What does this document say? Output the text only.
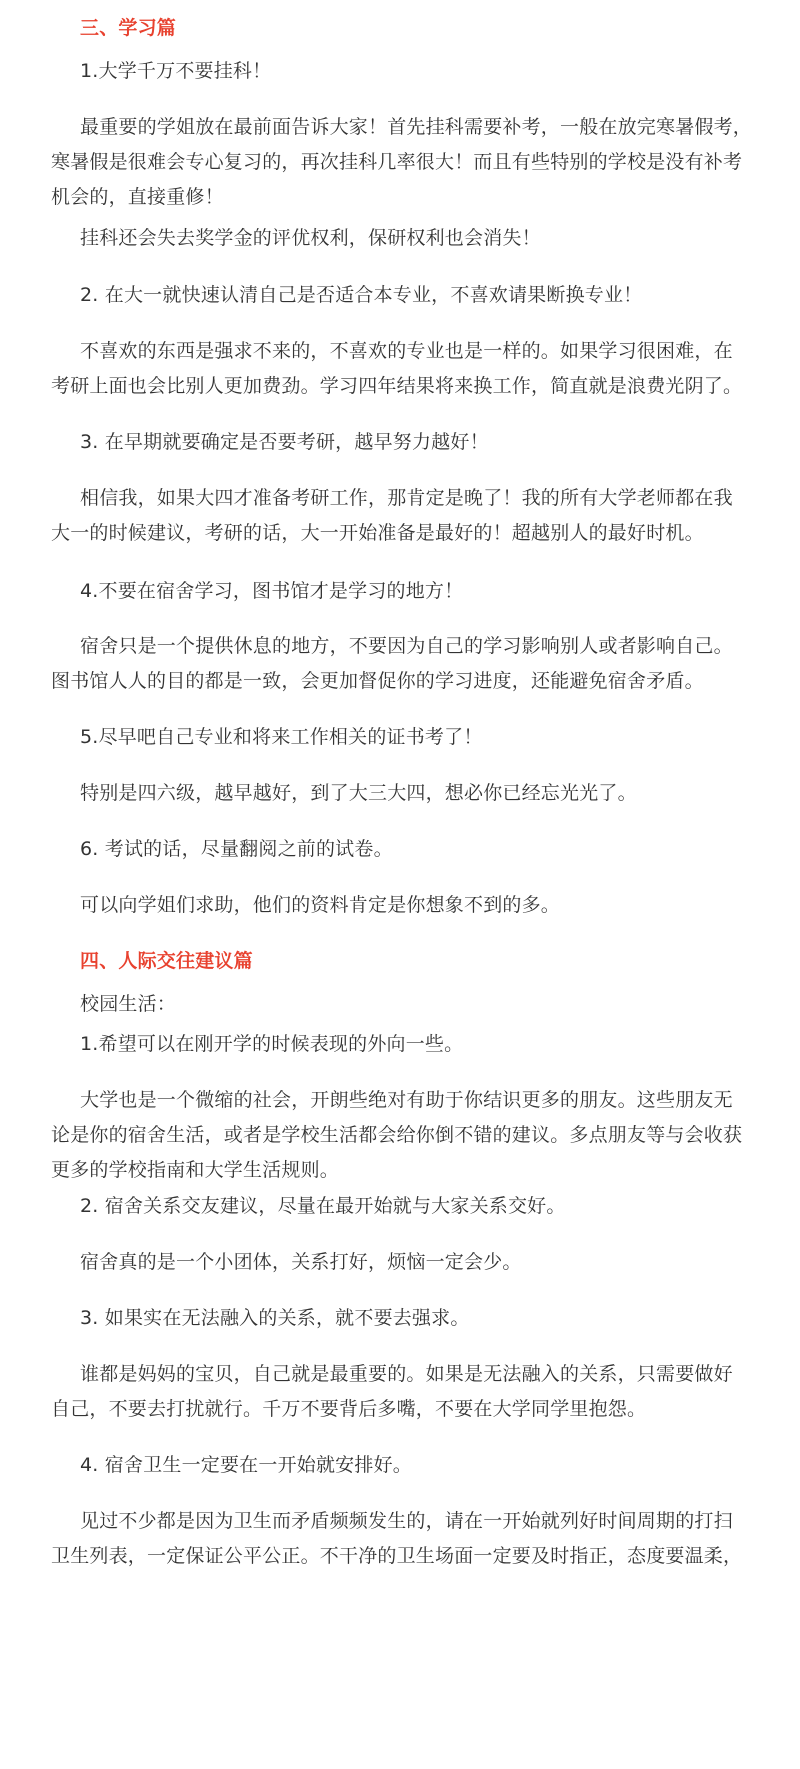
三、学习篇
1.大学千万不要挂科！
最重要的学姐放在最前面告诉大家！首先挂科需要补考，一般在放完寒暑假考，
寒暑假是很难会专心复习的，再次挂科几率很大！而且有些特别的学校是没有补考
机会的，直接重修！
挂科还会失去奖学金的评优权利，保研权利也会消失！
2. 在大一就快速认清自己是否适合本专业，不喜欢请果断换专业！
不喜欢的东西是强求不来的，不喜欢的专业也是一样的。如果学习很困难，在
考研上面也会比别人更加费劲。学习四年结果将来换工作，简直就是浪费光阴了。
3. 在早期就要确定是否要考研，越早努力越好！
相信我，如果大四才准备考研工作，那肯定是晚了！我的所有大学老师都在我
大一的时候建议，考研的话，大一开始准备是最好的！超越别人的最好时机。
4.不要在宿舍学习，图书馆才是学习的地方！
宿舍只是一个提供休息的地方，不要因为自己的学习影响别人或者影响自己。
图书馆人人的目的都是一致，会更加督促你的学习进度，还能避免宿舍矛盾。
5.尽早吧自己专业和将来工作相关的证书考了！
特别是四六级，越早越好，到了大三大四，想必你已经忘光光了。
6. 考试的话，尽量翻阅之前的试卷。
可以向学姐们求助，他们的资料肯定是你想象不到的多。
四、人际交往建议篇
校园生活：
1.希望可以在刚开学的时候表现的外向一些。
大学也是一个微缩的社会，开朗些绝对有助于你结识更多的朋友。这些朋友无
论是你的宿舍生活，或者是学校生活都会给你倒不错的建议。多点朋友等与会收获
更多的学校指南和大学生活规则。
2. 宿舍关系交友建议，尽量在最开始就与大家关系交好。
宿舍真的是一个小团体，关系打好，烦恼一定会少。
3. 如果实在无法融入的关系，就不要去强求。
谁都是妈妈的宝贝，自己就是最重要的。如果是无法融入的关系，只需要做好
自己，不要去打扰就行。千万不要背后多嘴，不要在大学同学里抱怨。
4. 宿舍卫生一定要在一开始就安排好。
见过不少都是因为卫生而矛盾频频发生的，请在一开始就列好时间周期的打扫
卫生列表，一定保证公平公正。不干净的卫生场面一定要及时指正，态度要温柔，
